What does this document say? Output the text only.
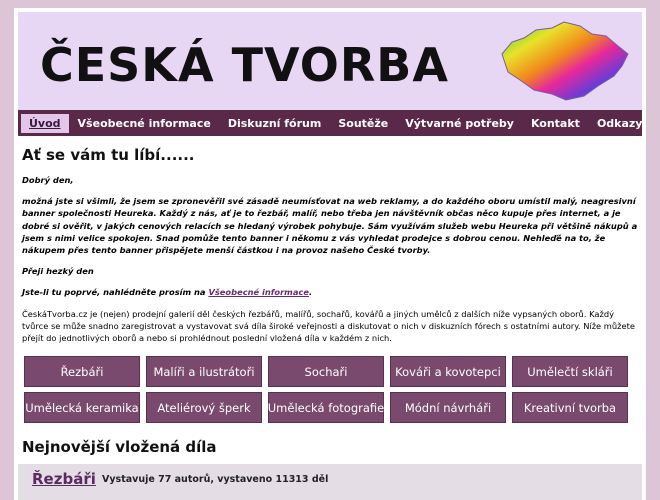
ČESKÁ TVORBA
Úvod	Všeobecné informace	Diskuzní fórum	Soutěže	Výtvarné potřeby	Kontakt	Odkazy
Ať se vám tu líbí......

Dobrý den,

možná jste si všimli, že jsem se zpronevěřil své zásadě neumísťovat na web reklamy, a do každého oboru umístil malý, neagresivní banner společnosti Heureka. Každý z nás, ať je to řezbář, malíř, nebo třeba jen návštěvník občas něco kupuje přes internet, a je dobré si ověřit, v jakých cenových relacích se hledaný výrobek pohybuje. Sám využívám služeb webu Heureka při většině nákupů a jsem s nimi velice spokojen. Snad pomůže tento banner i někomu z vás vyhledat prodejce s dobrou cenou. Nehleďě na to, že nákupem přes tento banner přispějete menší částkou i na provoz našeho České tvorby.

Přeji hezký den

Jste-li tu poprvé, nahlédněte prosím na Všeobecné informace.

ČeskáTvorba.cz je (nejen) prodejní galerií děl českých řezbářů, malířů, sochařů, kovářů a jiných umělců z dalších níže vypsaných oborů. Každý tvůrce se může snadno zaregistrovat a vystavovat svá díla široké veřejnosti a diskutovat o nich v diskuzních fórech s ostatními autory. Níže můžete přejít do jednotlivých oborů a nebo si prohlédnout poslední vložená díla v každém z nich.

Řezbáři	Malíři a ilustrátoři	Sochaři	Kováři a kovotepci	Umělečtí skláři
Umělecká keramika	Ateliérový šperk	Umělecká fotografie	Módní návrháři	Kreativní tvorba
Nejnovější vložená díla
Řezbáři Vystavuje 77 autorů, vystaveno 11313 děl
